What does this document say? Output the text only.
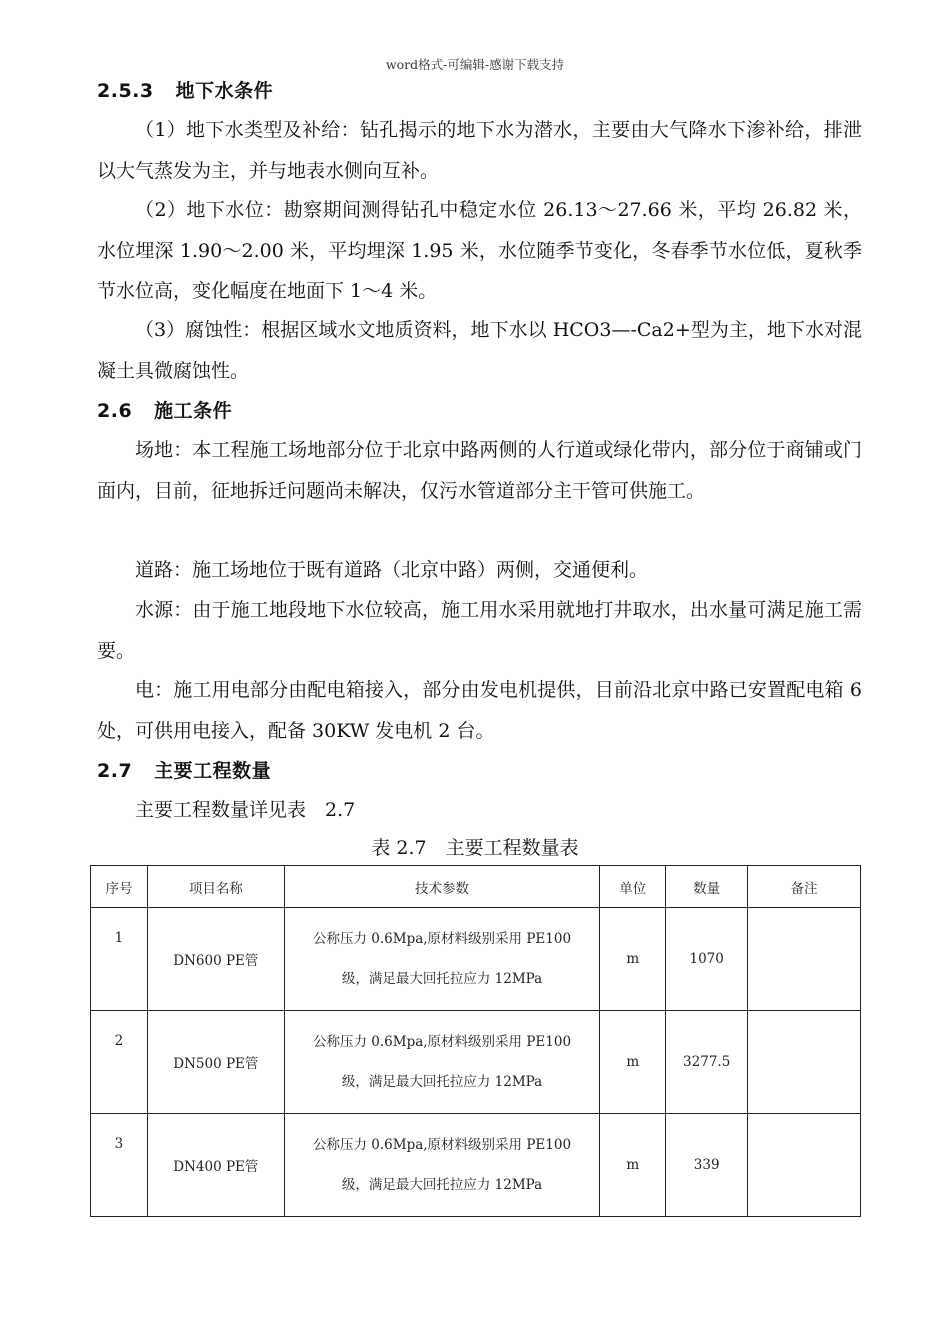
word格式-可编辑-感谢下载支持
2.5.3 地下水条件
（1）地下水类型及补给：钻孔揭示的地下水为潜水，主要由大气降水下渗补给，排泄以大气蒸发为主，并与地表水侧向互补。
（2）地下水位：勘察期间测得钻孔中稳定水位 26.13～27.66 米，平均 26.82 米，水位埋深 1.90～2.00 米，平均埋深 1.95 米，水位随季节变化，冬春季节水位低，夏秋季节水位高，变化幅度在地面下 1～4 米。
（3）腐蚀性：根据区域水文地质资料，地下水以 HCO3—-Ca2+型为主，地下水对混凝土具微腐蚀性。
2.6 施工条件
场地：本工程施工场地部分位于北京中路两侧的人行道或绿化带内，部分位于商铺或门面内，目前，征地拆迁问题尚未解决，仅污水管道部分主干管可供施工。
道路：施工场地位于既有道路（北京中路）两侧，交通便利。
水源：由于施工地段地下水位较高，施工用水采用就地打井取水，出水量可满足施工需要。
电：施工用电部分由配电箱接入，部分由发电机提供，目前沿北京中路已安置配电箱 6 处，可供用电接入，配备 30KW 发电机 2 台。
2.7 主要工程数量
主要工程数量详见表　2.7
表 2.7　主要工程数量表
序号	项目名称	技术参数	单位	数量	备注
1	DN600 PE管	公称压力 0.6Mpa,原材料级别采用 PE100
级，满足最大回托拉应力 12MPa	m	1070	
2	DN500 PE管	公称压力 0.6Mpa,原材料级别采用 PE100
级，满足最大回托拉应力 12MPa	m	3277.5	
3	DN400 PE管	公称压力 0.6Mpa,原材料级别采用 PE100
级，满足最大回托拉应力 12MPa	m	339	
